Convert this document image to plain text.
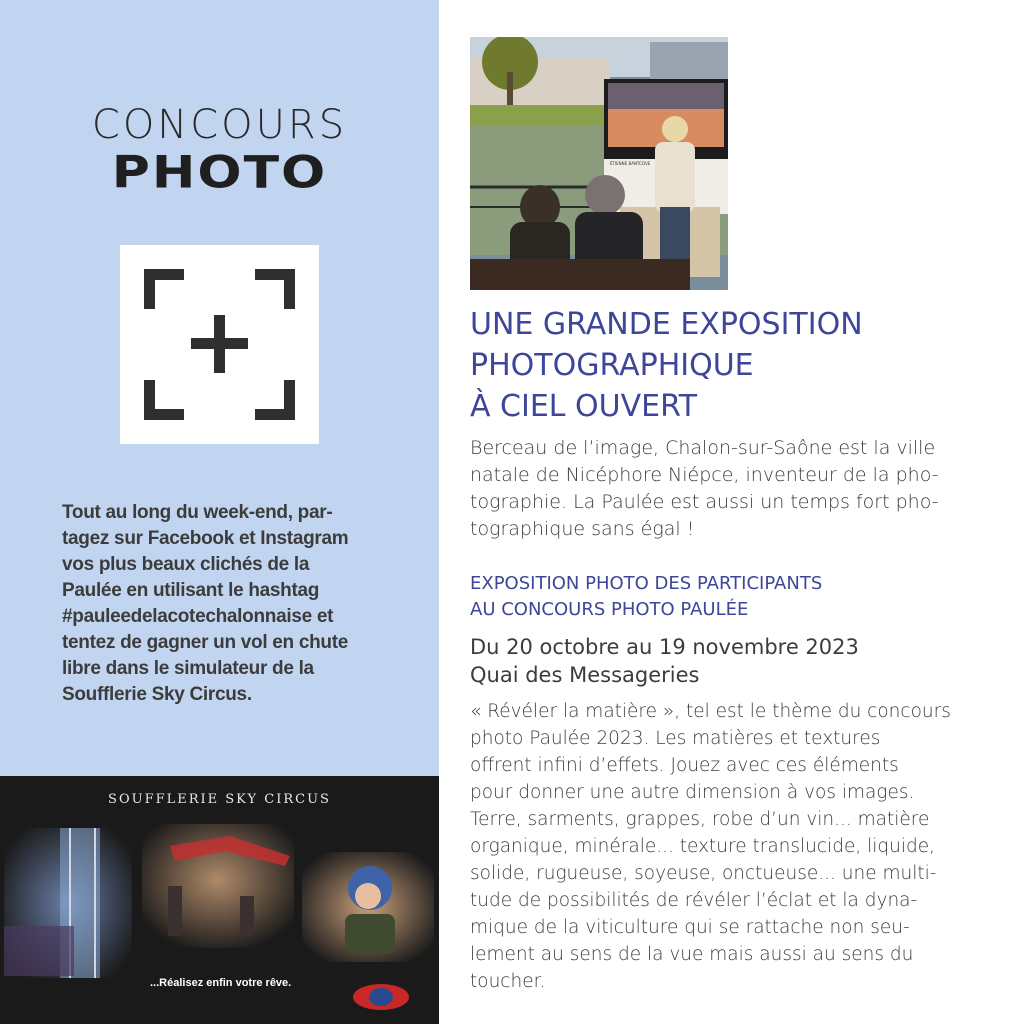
CONCOURS
PHOTO
Tout au long du week-end, par-
tagez sur Facebook et Instagram
vos plus beaux clichés de la
Paulée en utilisant le hashtag
#pauleedelacotechalonnaise et
tentez de gagner un vol en chute
libre dans le simulateur de la
Soufflerie Sky Circus.
SOUFFLERIE SKY CIRCUS
...Réalisez enfin votre rêve.
ÉTIENNE BANTCOVE
UNE GRANDE EXPOSITION
PHOTOGRAPHIQUE
À CIEL OUVERT
Berceau de l’image, Chalon-sur-Saône est la ville
natale de Nicéphore Niépce, inventeur de la pho-
tographie. La Paulée est aussi un temps fort pho-
tographique sans égal !
EXPOSITION PHOTO DES PARTICIPANTS
AU CONCOURS PHOTO PAULÉE
Du 20 octobre au 19 novembre 2023
Quai des Messageries
« Révéler la matière », tel est le thème du concours
photo Paulée 2023. Les matières et textures
offrent infini d’effets. Jouez avec ces éléments
pour donner une autre dimension à vos images.
Terre, sarments, grappes, robe d’un vin... matière
organique, minérale... texture translucide, liquide,
solide, rugueuse, soyeuse, onctueuse... une multi-
tude de possibilités de révéler l’éclat et la dyna-
mique de la viticulture qui se rattache non seu-
lement au sens de la vue mais aussi au sens du
toucher.
